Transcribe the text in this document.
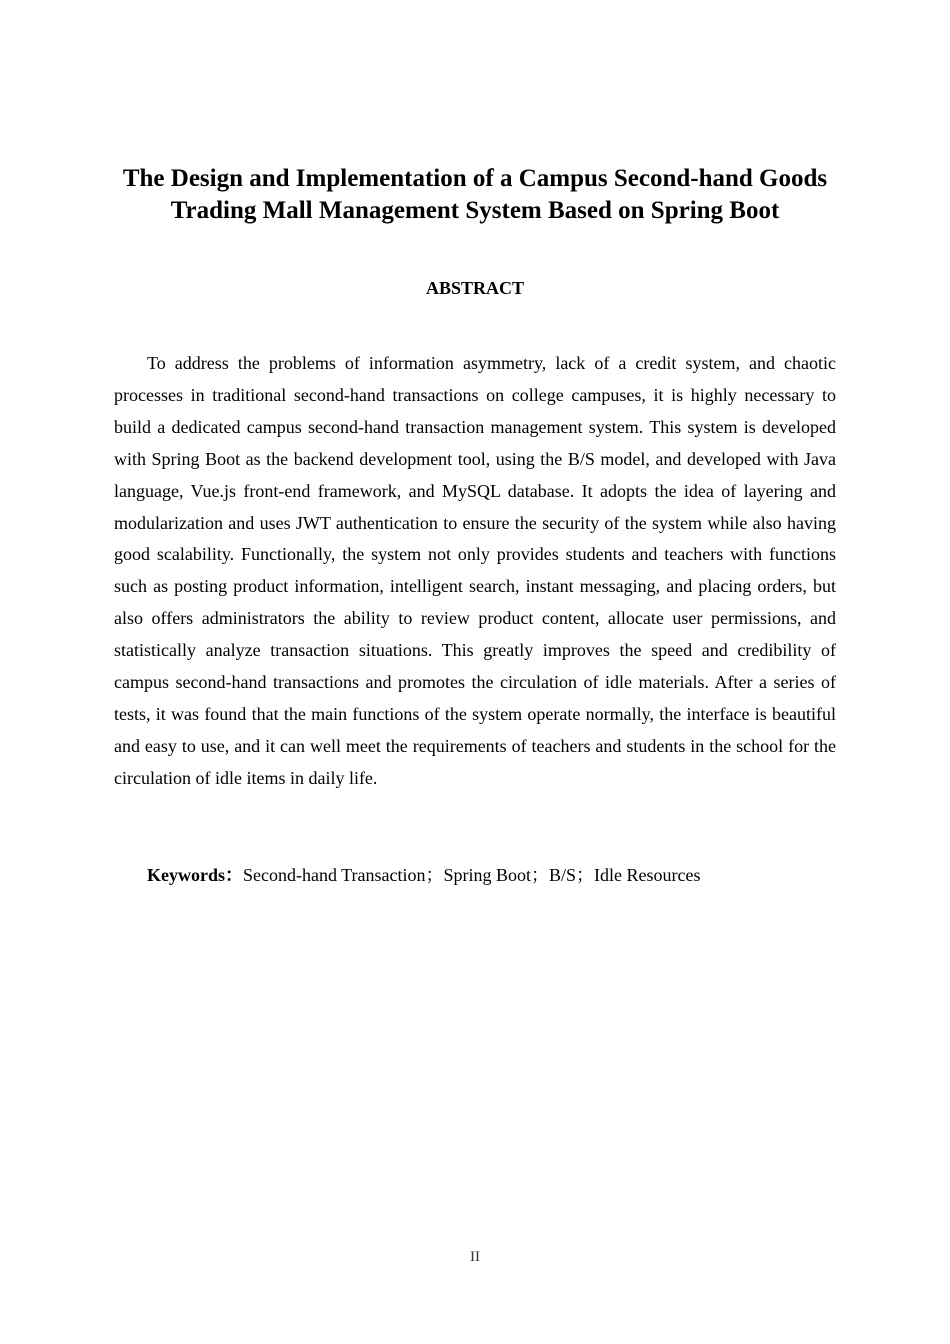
The Design and Implementation of a Campus Second-hand Goods
Trading Mall Management System Based on Spring Boot
ABSTRACT

To address the problems of information asymmetry, lack of a credit system, and chaotic processes in traditional second-hand transactions on college campuses, it is highly necessary to build a dedicated campus second-hand transaction management system. This system is developed with Spring Boot as the backend development tool, using the B/S model, and developed with Java language, Vue.js front-end framework, and MySQL database. It adopts the idea of layering and modularization and uses JWT authentication to ensure the security of the system while also having good scalability. Functionally, the system not only provides students and teachers with functions such as posting product information, intelligent search, instant messaging, and placing orders, but also offers administrators the ability to review product content, allocate user permissions, and statistically analyze transaction situations. This greatly improves the speed and credibility of campus second-hand transactions and promotes the circulation of idle materials. After a series of tests, it was found that the main functions of the system operate normally, the interface is beautiful and easy to use, and it can well meet the requirements of teachers and students in the school for the circulation of idle items in daily life.

Keywords：Second-hand Transaction；Spring Boot；B/S；Idle Resources

II
